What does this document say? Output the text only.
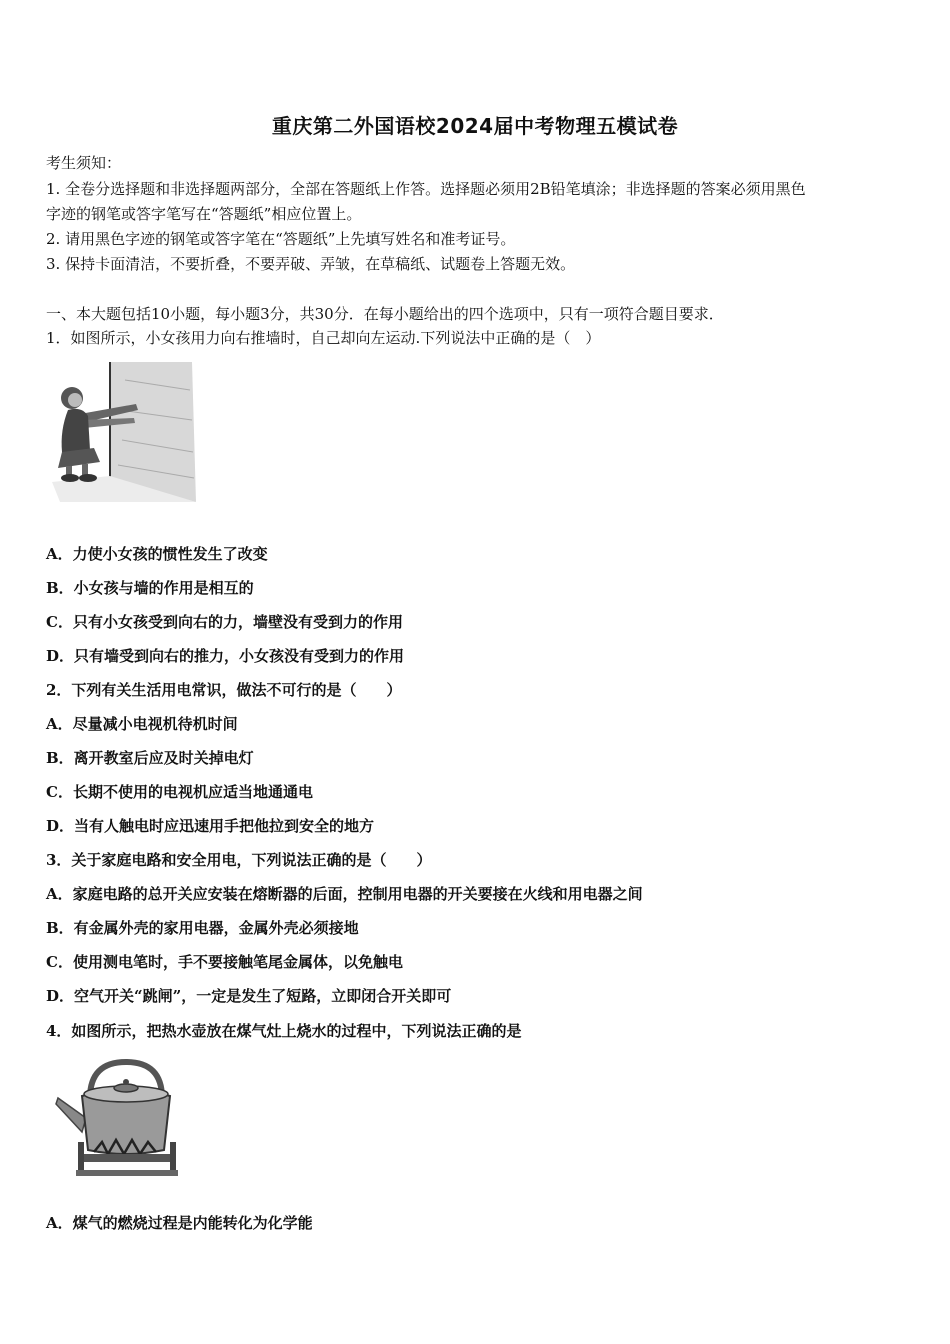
重庆第二外国语校2024届中考物理五模试卷
考生须知：
1. 全卷分选择题和非选择题两部分，全部在答题纸上作答。选择题必须用2B铅笔填涂；非选择题的答案必须用黑色
字迹的钢笔或答字笔写在“答题纸”相应位置上。
2. 请用黑色字迹的钢笔或答字笔在“答题纸”上先填写姓名和准考证号。
3. 保持卡面清洁，不要折叠，不要弄破、弄皱，在草稿纸、试题卷上答题无效。
一、本大题包括10小题，每小题3分，共30分．在每小题给出的四个选项中，只有一项符合题目要求．
1．如图所示，小女孩用力向右推墙时，自己却向左运动.下列说法中正确的是（　）
A．力使小女孩的惯性发生了改变
B．小女孩与墙的作用是相互的
C．只有小女孩受到向右的力，墙壁没有受到力的作用
D．只有墙受到向右的推力，小女孩没有受到力的作用
2．下列有关生活用电常识，做法不可行的是（　　）
A．尽量减小电视机待机时间
B．离开教室后应及时关掉电灯
C．长期不使用的电视机应适当地通通电
D．当有人触电时应迅速用手把他拉到安全的地方
3．关于家庭电路和安全用电，下列说法正确的是（　　）
A．家庭电路的总开关应安装在熔断器的后面，控制用电器的开关要接在火线和用电器之间
B．有金属外壳的家用电器，金属外壳必须接地
C．使用测电笔时，手不要接触笔尾金属体，以免触电
D．空气开关“跳闸”，一定是发生了短路，立即闭合开关即可
4．如图所示，把热水壶放在煤气灶上烧水的过程中，下列说法正确的是
A．煤气的燃烧过程是内能转化为化学能
